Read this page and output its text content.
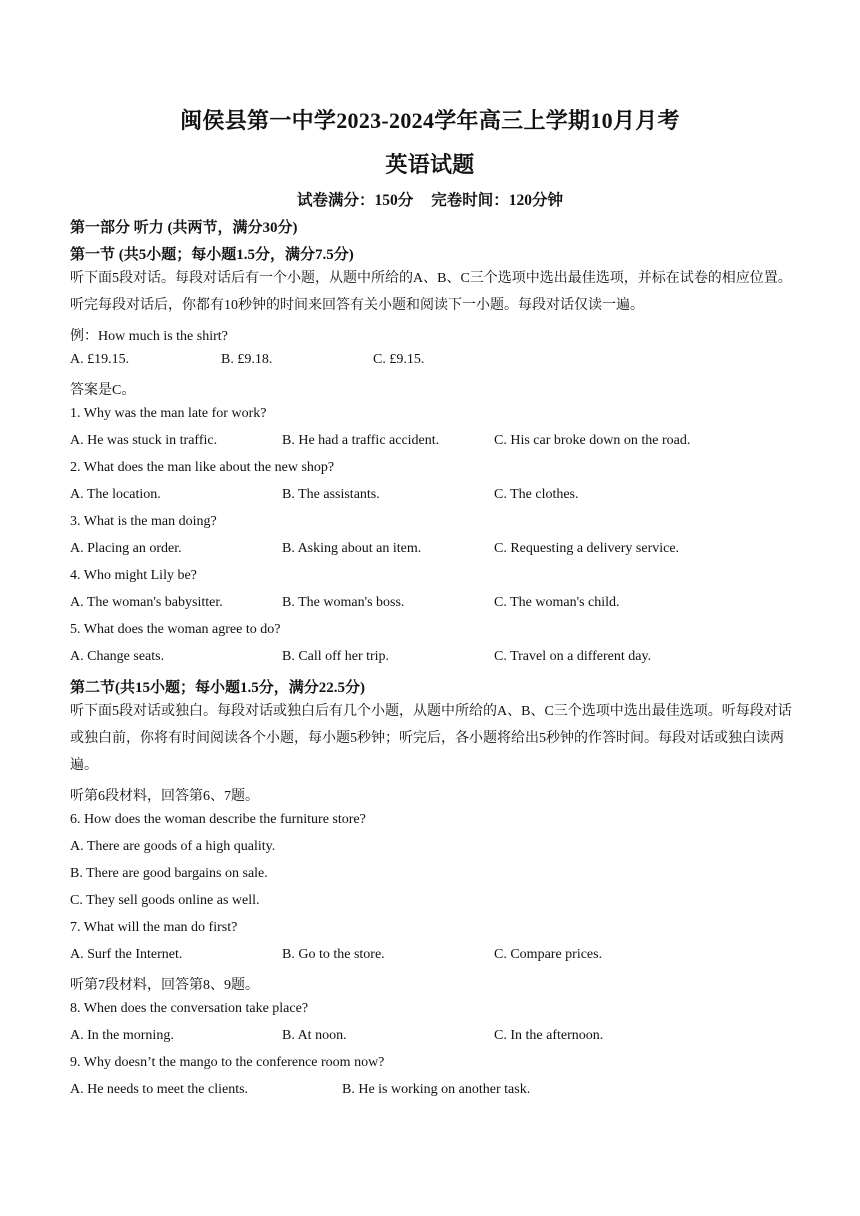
闽侯县第一中学2023-2024学年高三上学期10月月考
英语试题
试卷满分：150分 完卷时间：120分钟
第一部分 听力 (共两节，满分30分)
第一节 (共5小题；每小题1.5分，满分7.5分)
听下面5段对话。每段对话后有一个小题，从题中所给的A、B、C三个选项中选出最佳选项，并标在试卷的相应位置。听完每段对话后，你都有10秒钟的时间来回答有关小题和阅读下一小题。每段对话仅读一遍。
例：How much is the shirt?
A. £19.15.	B. £9.18.	C. £9.15.
答案是C。
1. Why was the man late for work?
A. He was stuck in traffic.	B. He had a traffic accident.	C. His car broke down on the road.
2. What does the man like about the new shop?
A. The location.	B. The assistants.	C. The clothes.
3. What is the man doing?
A. Placing an order.	B. Asking about an item.	C. Requesting a delivery service.
4. Who might Lily be?
A. The woman's babysitter.	B. The woman's boss.	C. The woman's child.
5. What does the woman agree to do?
A. Change seats.	B. Call off her trip.	C. Travel on a different day.
第二节(共15小题；每小题1.5分，满分22.5分)
听下面5段对话或独白。每段对话或独白后有几个小题，从题中所给的A、B、C三个选项中选出最佳选项。听每段对话或独白前，你将有时间阅读各个小题，每小题5秒钟；听完后，各小题将给出5秒钟的作答时间。每段对话或独白读两遍。
听第6段材料，回答第6、7题。
6. How does the woman describe the furniture store?
A. There are goods of a high quality.
B. There are good bargains on sale.
C. They sell goods online as well.
7. What will the man do first?
A. Surf the Internet.	B. Go to the store.	C. Compare prices.
听第7段材料，回答第8、9题。
8. When does the conversation take place?
A. In the morning.	B. At noon.	C. In the afternoon.
9. Why doesn’t the mango to the conference room now?
A. He needs to meet the clients.	B. He is working on another task.
